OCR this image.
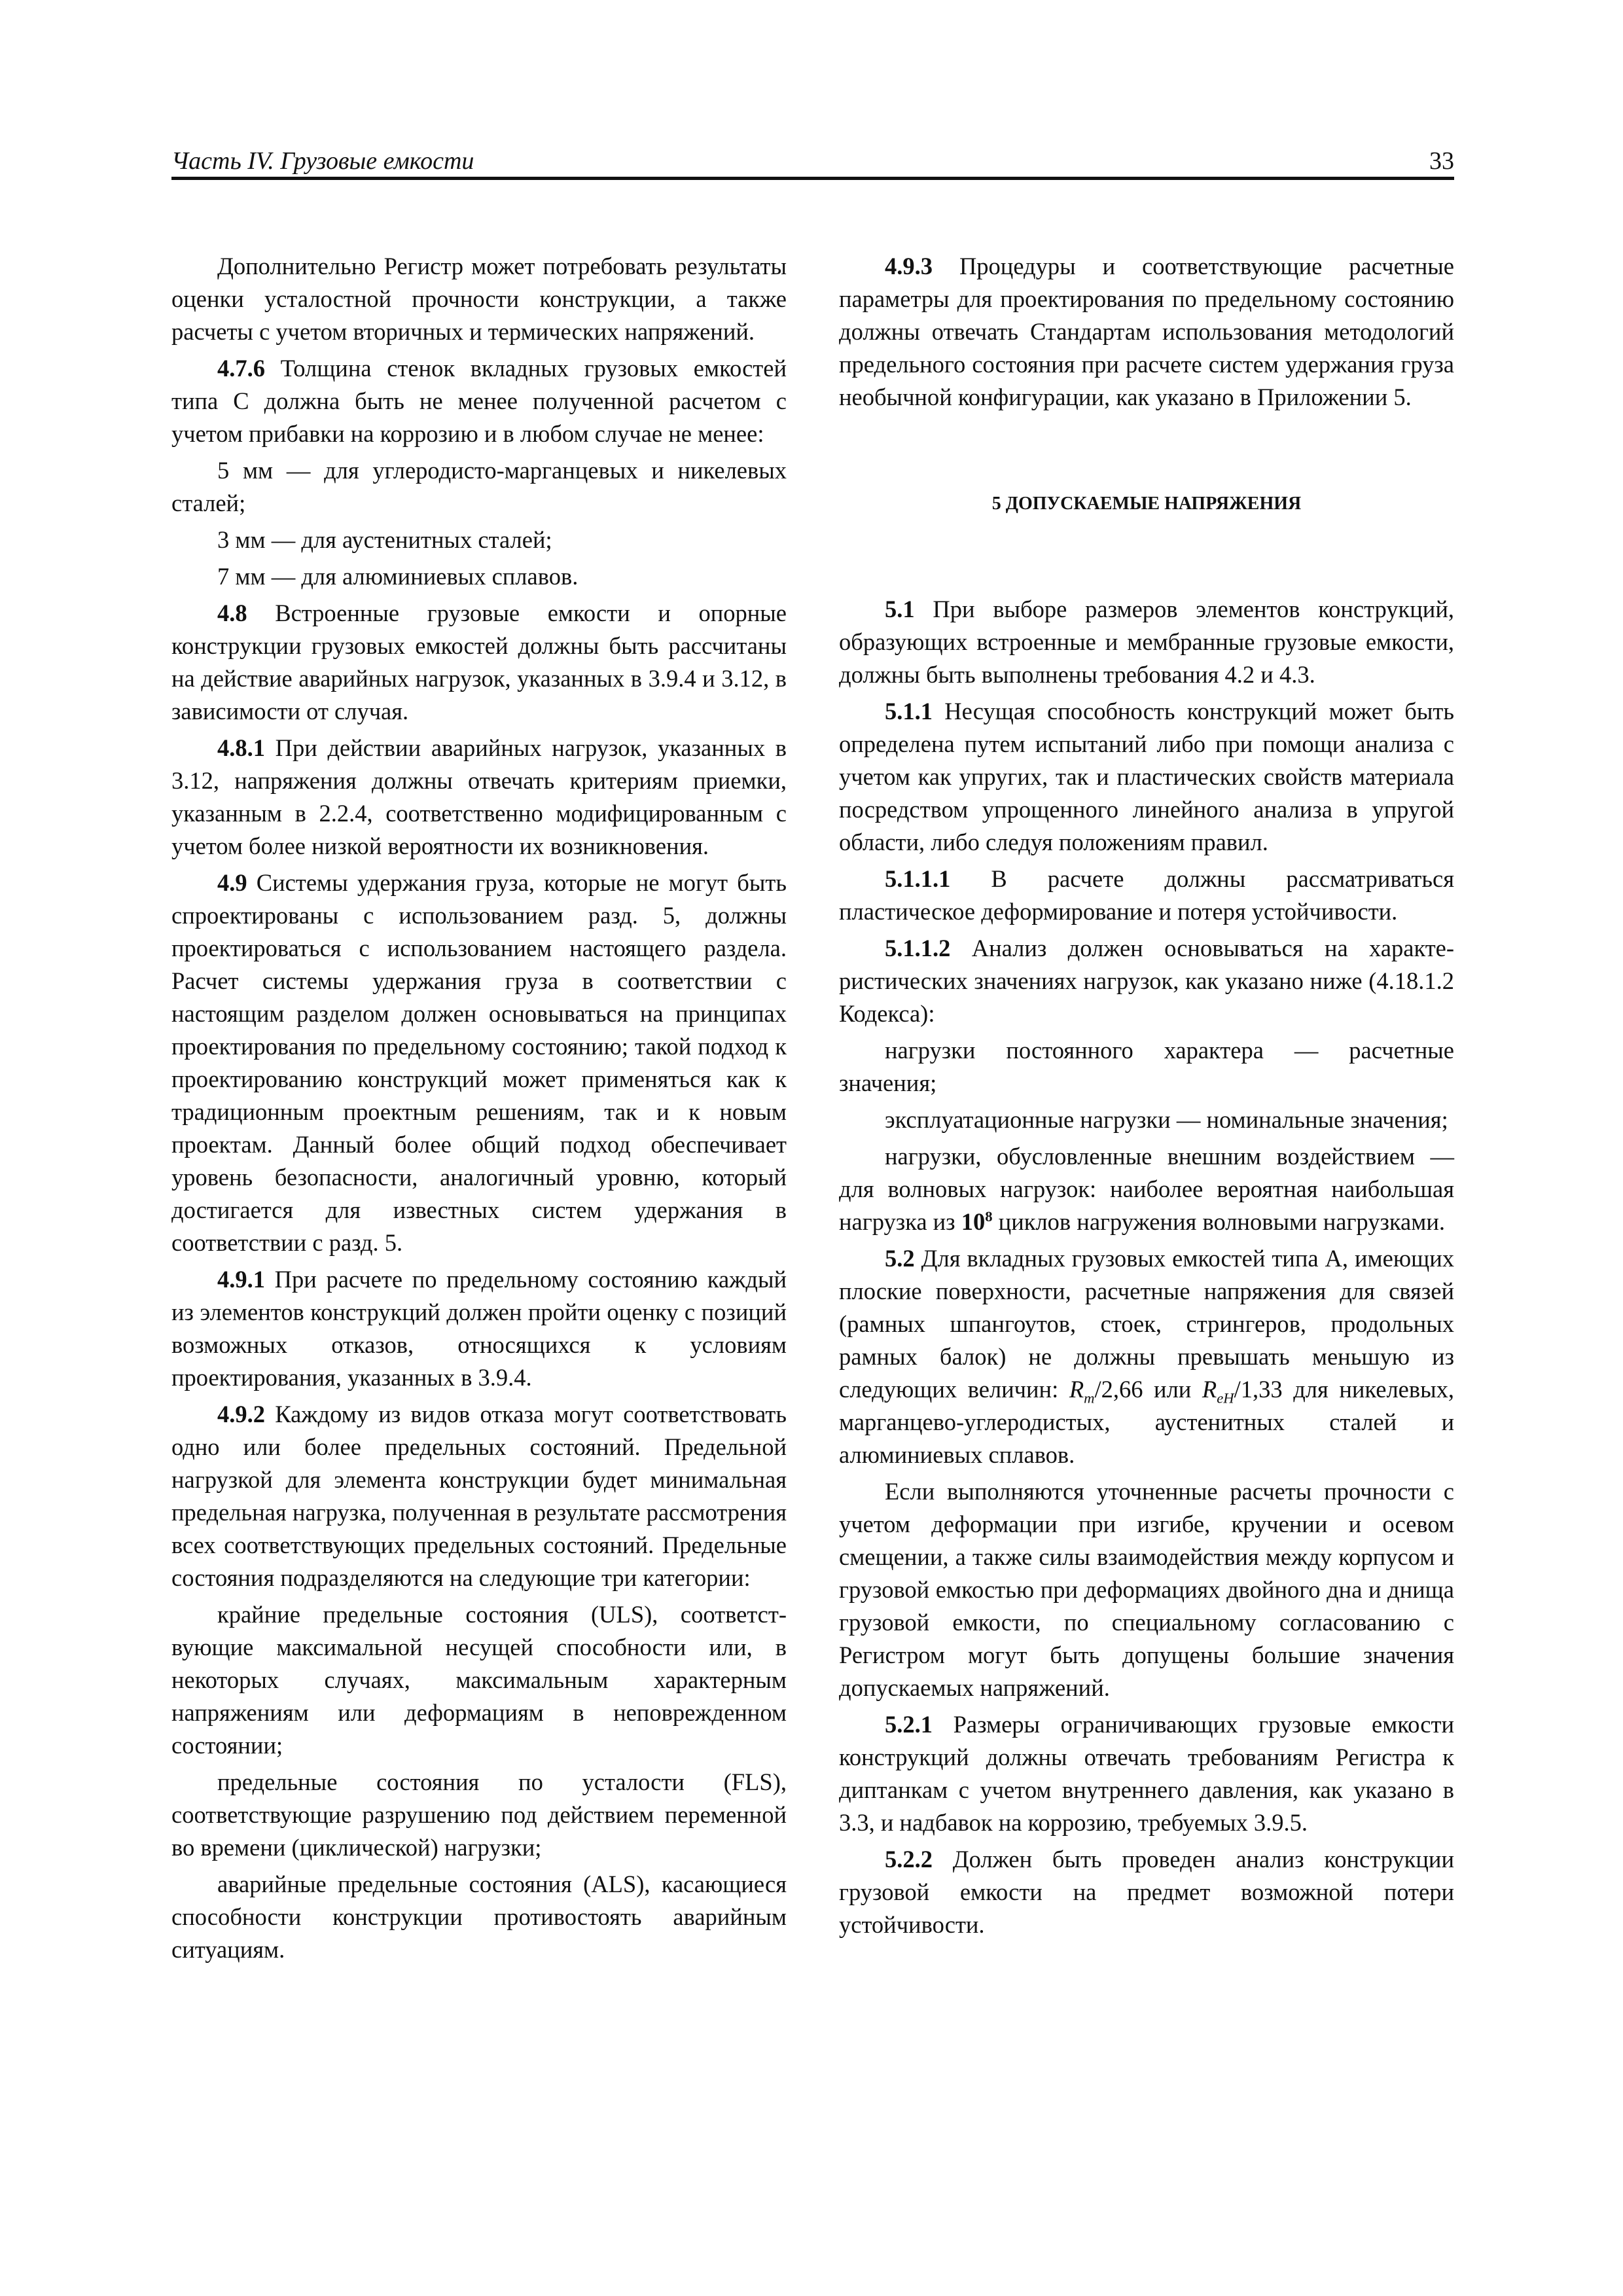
Часть IV. Грузовые емкости	33

Дополнительно Регистр может потребовать результаты оценки усталостной прочности конструкции, а также расчеты с учетом вторичных и термических напряжений.

4.7.6 Толщина стенок вкладных грузовых емкостей типа С должна быть не менее полученной расчетом с учетом прибавки на коррозию и в любом случае не менее:

5 мм — для углеродисто-марганцевых и никелевых сталей;

3 мм — для аустенитных сталей;

7 мм — для алюминиевых сплавов.

4.8 Встроенные грузовые емкости и опорные конструкции грузовых емкостей должны быть рассчитаны на действие аварийных нагрузок, указанных в 3.9.4 и 3.12, в зависимости от случая.

4.8.1 При действии аварийных нагрузок, указанных в 3.12, напряжения должны отвечать критериям приемки, указанным в 2.2.4, соответственно модифицированным с учетом более низкой вероятности их возникновения.

4.9 Системы удержания груза, которые не могут быть спроектированы с использованием разд. 5, должны проектироваться с использованием настоящего раздела. Расчет системы удержания груза в соответствии с настоящим разделом должен основываться на принципах проектирования по предельному состоянию; такой подход к проектированию конструкций может применяться как к традиционным проектным решениям, так и к новым проектам. Данный более общий подход обеспечивает уровень безопасности, аналогичный уровню, который достигается для известных систем удержания в соответствии с разд. 5.

4.9.1 При расчете по предельному состоянию каждый из элементов конструкций должен пройти оценку с позиций возможных отказов, относящихся к условиям проектирования, указанных в 3.9.4.

4.9.2 Каждому из видов отказа могут соответствовать одно или более предельных состояний. Предельной нагрузкой для элемента конструкции будет минимальная предельная нагрузка, полученная в результате рассмотрения всех соответствующих предельных состояний. Предельные состояния подразделяются на следующие три категории:

крайние предельные состояния (ULS), соответствующие максимальной несущей способности или, в некоторых случаях, максимальным характерным напряжениям или деформациям в неповрежденном состоянии;

предельные состояния по усталости (FLS), соответствующие разрушению под действием переменной во времени (циклической) нагрузки;

аварийные предельные состояния (ALS), касающиеся способности конструкции противостоять аварийным ситуациям.

4.9.3 Процедуры и соответствующие расчетные параметры для проектирования по предельному состоянию должны отвечать Стандартам использования методологий предельного состояния при расчете систем удержания груза необычной конфигурации, как указано в Приложении 5.

5 ДОПУСКАЕМЫЕ НАПРЯЖЕНИЯ

5.1 При выборе размеров элементов конструкций, образующих встроенные и мембранные грузовые емкости, должны быть выполнены требования 4.2 и 4.3.

5.1.1 Несущая способность конструкций может быть определена путем испытаний либо при помощи анализа с учетом как упругих, так и пластических свойств материала посредством упрощенного линейного анализа в упругой области, либо следуя положениям правил.

5.1.1.1 В расчете должны рассматриваться пластическое деформирование и потеря устойчивости.

5.1.1.2 Анализ должен основываться на характеристических значениях нагрузок, как указано ниже (4.18.1.2 Кодекса):

нагрузки постоянного характера — расчетные значения;

эксплуатационные нагрузки — номинальные значения;

нагрузки, обусловленные внешним воздействием — для волновых нагрузок: наиболее вероятная наибольшая нагрузка из $10^8$ циклов нагружения волновыми нагрузками.

5.2 Для вкладных грузовых емкостей типа А, имеющих плоские поверхности, расчетные напряжения для связей (рамных шпангоутов, стоек, стрингеров, продольных рамных балок) не должны превышать меньшую из следующих величин: $R_m/2,66$ или $R_{eH}/1,33$ для никелевых, марганцево-углеродистых, аустенитных сталей и алюминиевых сплавов.

Если выполняются уточненные расчеты прочности с учетом деформации при изгибе, кручении и осевом смещении, а также силы взаимодействия между корпусом и грузовой емкостью при деформациях двойного дна и днища грузовой емкости, по специальному согласованию с Регистром могут быть допущены большие значения допускаемых напряжений.

5.2.1 Размеры ограничивающих грузовые емкости конструкций должны отвечать требованиям Регистра к диптанкам с учетом внутреннего давления, как указано в 3.3, и надбавок на коррозию, требуемых 3.9.5.

5.2.2 Должен быть проведен анализ конструкции грузовой емкости на предмет возможной потери устойчивости.
